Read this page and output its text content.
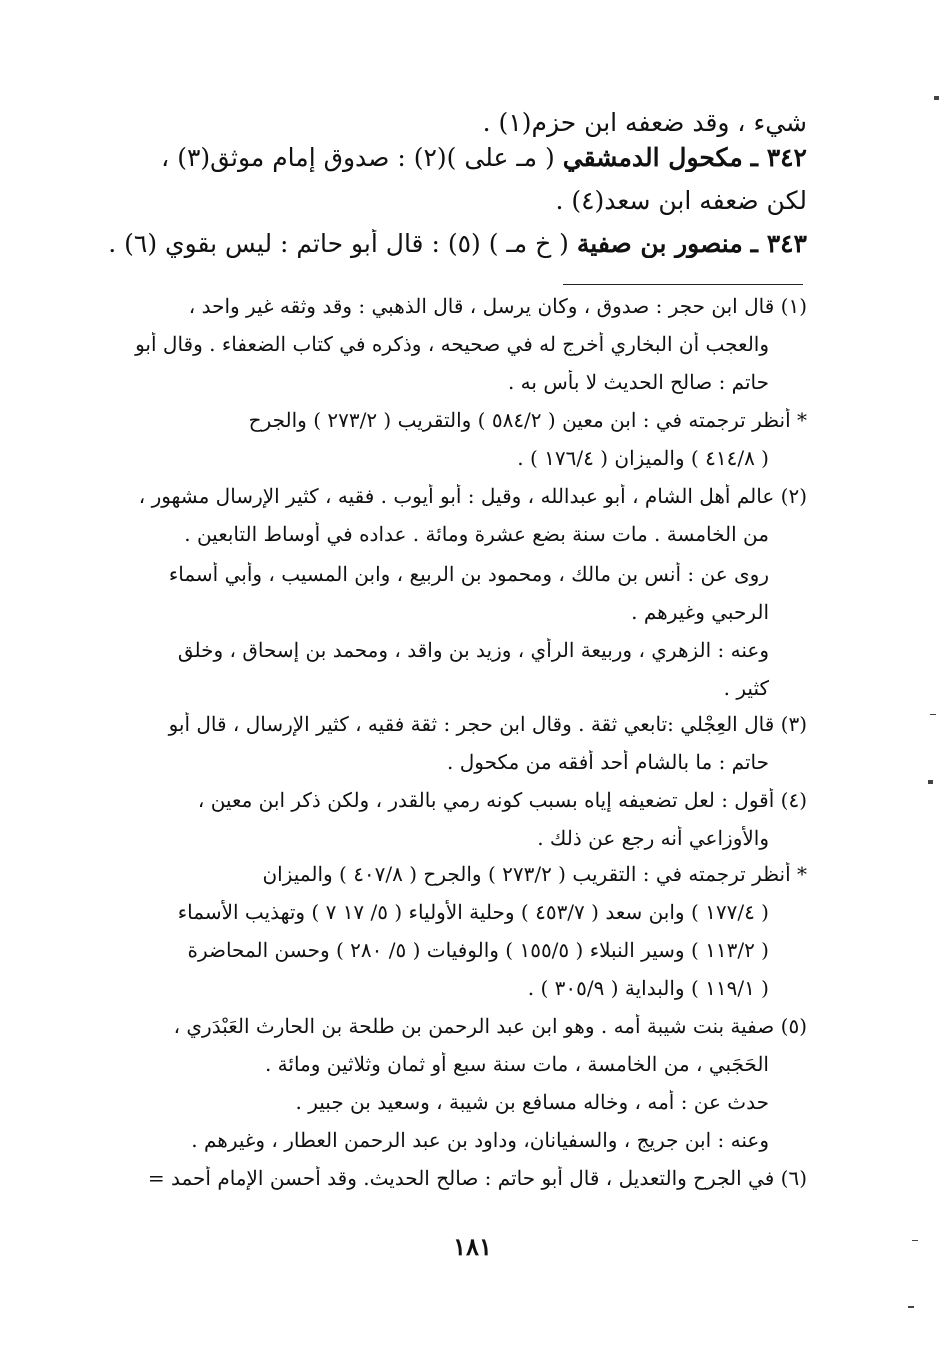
شيء ، وقد ضعفه ابن حزم(١) .
٣٤٢ ـ مكحول الدمشقي ( مـ علی )(٢) : صدوق إمام موثق(٣) ،
لكن ضعفه ابن سعد(٤) .
٣٤٣ ـ منصور بن صفية ( خ مـ ) (٥) : قال أبو حاتم : ليس بقوي (٦) .
(١) قال ابن حجر : صدوق ، وكان يرسل ، قال الذهبي : وقد وثقه غير واحد ،
والعجب أن البخاري أخرج له في صحيحه ، وذكره في كتاب الضعفاء . وقال أبو
حاتم : صالح الحديث لا بأس به .
* أنظر ترجمته في : ابن معين ( ٥٨٤/٢ ) والتقريب ( ٢٧٣/٢ ) والجرح
( ٤١٤/٨ ) والميزان ( ١٧٦/٤ ) .
(٢) عالم أهل الشام ، أبو عبدالله ، وقيل : أبو أيوب . فقيه ، كثير الإرسال مشهور ،
من الخامسة . مات سنة بضع عشرة ومائة . عداده في أوساط التابعين .
روى عن : أنس بن مالك ، ومحمود بن الربيع ، وابن المسيب ، وأبي أسماء
الرحبي وغيرهم .
وعنه : الزهري ، وربيعة الرأي ، وزيد بن واقد ، ومحمد بن إسحاق ، وخلق
كثير .
(٣) قال العِجْلي :تابعي ثقة . وقال ابن حجر : ثقة فقيه ، كثير الإرسال ، قال أبو
حاتم : ما بالشام أحد أفقه من مكحول .
(٤) أقول : لعل تضعيفه إياه بسبب كونه رمي بالقدر ، ولكن ذكر ابن معين ،
والأوزاعي أنه رجع عن ذلك .
* أنظر ترجمته في : التقريب ( ٢٧٣/٢ ) والجرح ( ٤٠٧/٨ ) والميزان
( ١٧٧/٤ ) وابن سعد ( ٤٥٣/٧ ) وحلية الأولياء ( ٥/ ١٧ ٧ ) وتهذيب الأسماء
( ١١٣/٢ ) وسير النبلاء ( ١٥٥/٥ ) والوفيات ( ٥/ ٢٨٠ ) وحسن المحاضرة
( ١١٩/١ ) والبداية ( ٣٠٥/٩ ) .
(٥) صفية بنت شيبة أمه . وهو ابن عبد الرحمن بن طلحة بن الحارث العَبْدَري ،
الحَجَبي ، من الخامسة ، مات سنة سبع أو ثمان وثلاثين ومائة .
حدث عن : أمه ، وخاله مسافع بن شيبة ، وسعيد بن جبير .
وعنه : ابن جريج ، والسفيانان، وداود بن عبد الرحمن العطار ، وغيرهم .
(٦) في الجرح والتعديل ، قال أبو حاتم : صالح الحديث. وقد أحسن الإمام أحمد =
١٨١
